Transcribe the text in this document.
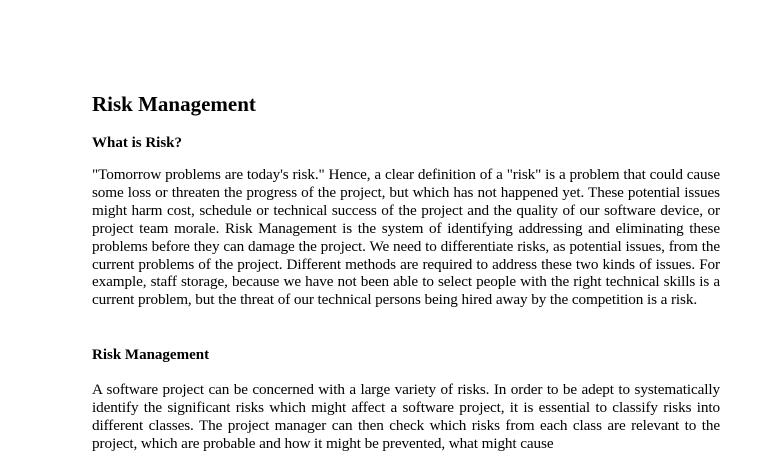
Risk Management
What is Risk?

"Tomorrow problems are today's risk." Hence, a clear definition of a "risk" is a problem that could cause some loss or threaten the progress of the project, but which has not happened yet. These potential issues might harm cost, schedule or technical success of the project and the quality of our software device, or project team morale. Risk Management is the system of identifying addressing and eliminating these problems before they can damage the project. We need to differentiate risks, as potential issues, from the current problems of the project. Different methods are required to address these two kinds of issues. For example, staff storage, because we have not been able to select people with the right technical skills is a current problem, but the threat of our technical persons being hired away by the competition is a risk.

Risk Management

A software project can be concerned with a large variety of risks. In order to be adept to systematically identify the significant risks which might affect a software project, it is essential to classify risks into different classes. The project manager can then check which risks from each class are relevant to the project, which are probable and how it might be prevented, what might cause
